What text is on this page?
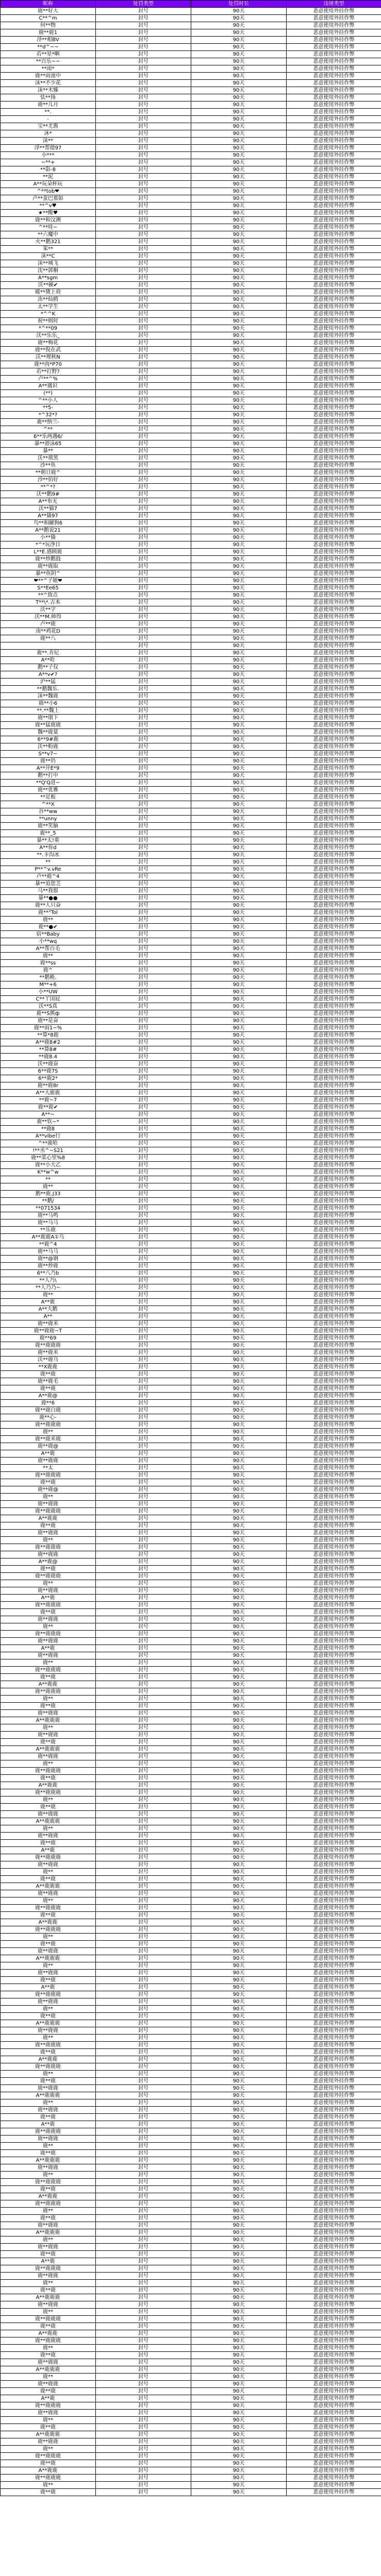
昵称	处罚类型	处罚时长	违规类型
鹿**好大	封号	90天	恶意使用外挂作弊
C**^m	封号	90天	恶意使用外挂作弊
何**物	封号	90天	恶意使用外挂作弊
鹿**鹿1	封号	90天	恶意使用外挂作弊
浮**相BV	封号	90天	恶意使用外挂作弊
**d^~~	封号	90天	恶意使用外挂作弊
若**星*啊	封号	90天	恶意使用外挂作弊
**百乐~~	封号	90天	恶意使用外挂作弊
**雨*	封号	90天	恶意使用外挂作弊
鹿**雨池中	封号	90天	恶意使用外挂作弊
沫**不少花	封号	90天	恶意使用外挂作弊
沫**木臻	封号	90天	恶意使用外挂作弊
怯**扬	封号	90天	恶意使用外挂作弊
鹿**儿月	封号	90天	恶意使用外挂作弊
**.	封号	90天	恶意使用外挂作弊
-	封号	90天	恶意使用外挂作弊
宝**尤酱	封号	90天	恶意使用外挂作弊
沐*	封号	90天	恶意使用外挂作弊
沫**	封号	90天	恶意使用外挂作弊
浮**帮德97	封号	90天	恶意使用外挂作弊
小***	封号	90天	恶意使用外挂作弊
~**+	封号	90天	恶意使用外挂作弊
**影-8	封号	90天	恶意使用外挂作弊
**泥	封号	90天	恶意使用外挂作弊
A**玩朵杯玩	封号	90天	恶意使用外挂作弊
^**tob❤	封号	90天	恶意使用外挂作弊
卢**蛮巴那如	封号	90天	恶意使用外挂作弊
**^v♥	封号	90天	恶意使用外挂作弊
★**酸♥	封号	90天	恶意使用外挂作弊
鹿**和汶溯	封号	90天	恶意使用外挂作弊
^**哇~	封号	90天	恶意使用外挂作弊
**六魔中	封号	90天	恶意使用外挂作弊
火**鹅321	封号	90天	恶意使用外挂作弊
笨**	封号	90天	恶意使用外挂作弊
沫**C	封号	90天	恶意使用外挂作弊
沫**城飞	封号	90天	恶意使用外挂作弊
沈**郭桐	封号	90天	恶意使用外挂作弊
A**sgm	封号	90天	恶意使用外挂作弊
沃**碗✔	封号	90天	恶意使用外挂作弊
暖**黛上荷	封号	90天	恶意使用外挂作弊
冻**仙鸥	封号	90天	恶意使用外挂作弊
太**学生	封号	90天	恶意使用外挂作弊
*^^K	封号	90天	恶意使用外挂作弊
祝**则时	封号	90天	恶意使用外挂作弊
*^**09	封号	90天	恶意使用外挂作弊
沃**乐乐_	封号	90天	恶意使用外挂作弊
鹿**梅花	封号	90天	恶意使用外挂作弊
鹿**倪在武	封号	90天	恶意使用外挂作弊
沃**理秋N	封号	90天	恶意使用外挂作弊
鹿**肉*P70	封号	90天	恶意使用外挂作弊
若**打野?	封号	90天	恶意使用外挂作弊
卢**^%	封号	90天	恶意使用外挂作弊
A**遇识	封号	90天	恶意使用外挂作弊
(**)	封号	90天	恶意使用外挂作弊
^**小人	封号	90天	恶意使用外挂作弊
**5-	封号	90天	恶意使用外挂作弊
*^32*?	封号	90天	恶意使用外挂作弊
鹿**纳兰-	封号	90天	恶意使用外挂作弊
^**	封号	90天	恶意使用外挂作弊
6**乐两遇6/	封号	90天	恶意使用外挂作弊
暴**游泳65	封号	90天	恶意使用外挂作弊
暴**	封号	90天	恶意使用外挂作弊
沃**琐黑	封号	90天	恶意使用外挂作弊
沙**鱼	封号	90天	恶意使用外挂作弊
**朝日鹿^	封号	90天	恶意使用外挂作弊
沙**伯好	封号	90天	恶意使用外挂作弊
**^*?	封号	90天	恶意使用外挂作弊
沃**鹅9#	封号	90天	恶意使用外挂作弊
A**布无	封号	90天	恶意使用外挂作弊
沃**猫7	封号	90天	恶意使用外挂作弊
A**猫97	封号	90天	恶意使用外挂作弊
鸟**和蹴狗6	封号	90天	恶意使用外挂作弊
A**鹅说21	封号	90天	恶意使用外挂作弊
小**猫	封号	90天	恶意使用外挂作弊
*^*玩净日	封号	90天	恶意使用外挂作弊
L**E.感顾鹿	封号	90天	恶意使用外挂作弊
鹿**炒鹅鼓	封号	90天	恶意使用外挂作弊
鹿**鹿取	封号	90天	恶意使用外挂作弊
暴**鱼阴^	封号	90天	恶意使用外挂作弊
❤**^子她❤	封号	90天	恶意使用外挂作弊
S**Ee65	封号	90天	恶意使用外挂作弊
**^致点	封号	90天	恶意使用外挂作弊
T**\*.吉本	封号	90天	恶意使用外挂作弊
沃**字	封号	90天	恶意使用外挂作弊
沃**M.帅得	封号	90天	恶意使用外挂作弊
卢**鹿	封号	90天	恶意使用外挂作弊
南**鸡花D	封号	90天	恶意使用外挂作弊
鹿**八	封号	90天	恶意使用外挂作弊
	封号	90天	恶意使用外挂作弊
鹿**.肯尼	封号	90天	恶意使用外挂作弊
A**哈	封号	90天	恶意使用外挂作弊
鹅**子仅	封号	90天	恶意使用外挂作弊
A**v✔?	封号	90天	恶意使用外挂作弊
沪**猛	封号	90天	恶意使用外挂作弊
**鹅魏乐.	封号	90天	恶意使用外挂作弊
沫**魏鹿	封号	90天	恶意使用外挂作弊
鹿**小6	封号	90天	恶意使用外挂作弊
**.**魏上	封号	90天	恶意使用外挂作弊
鹿**朋下	封号	90天	恶意使用外挂作弊
鹿**猛鹿鹿	封号	90天	恶意使用外挂作弊
魏**鹿量	封号	90天	恶意使用外挂作弊
6**9#鹿	封号	90天	恶意使用外挂作弊
沃**粉鹿	封号	90天	恶意使用外挂作弊
S**v7~	封号	90天	恶意使用外挂作弊
鹿**仍	封号	90天	恶意使用外挂作弊
A**开E*9	封号	90天	恶意使用外挂作弊
鹅**打中	封号	90天	恶意使用外挂作弊
**Q'Q进~	封号	90天	恶意使用外挂作弊
鹿**优雅	封号	90天	恶意使用外挂作弊
**足板	封号	90天	恶意使用外挂作弊
^**X	封号	90天	恶意使用外挂作弊
谷**ww	封号	90天	恶意使用外挂作弊
**unny	封号	90天	恶意使用外挂作弊
鹿**笑脑	封号	90天	恶意使用外挂作弊
鹿**_5	封号	90天	恶意使用外挂作弊
暴**太!重	封号	90天	恶意使用外挂作弊
A**你d	封号	90天	恶意使用外挂作弊
**.卡沟冰	封号	90天	恶意使用外挂作弊
**	封号	90天	恶意使用外挂作弊
P**^v.vRe	封号	90天	恶意使用外挂作弊
卢**鹿^4	封号	90天	恶意使用外挂作弊
暴**追您芝	封号	90天	恶意使用外挂作弊
马**我鬃	封号	90天	恶意使用外挂作弊
暴**●●	封号	90天	恶意使用外挂作弊
鹿**人只奋	封号	90天	恶意使用外挂作弊
鹿**"Tol	封号	90天	恶意使用外挂作弊
鹿**	封号	90天	恶意使用外挂作弊
鹿**●✔	封号	90天	恶意使用外挂作弊
宿**Baby	封号	90天	恶意使用外挂作弊
小**wq	封号	90天	恶意使用外挂作弊
A**帮百毛	封号	90天	恶意使用外挂作弊
鹿**	封号	90天	恶意使用外挂作弊
鹿**ss	封号	90天	恶意使用外挂作弊
鹿^	封号	90天	恶意使用外挂作弊
**鹅桅.	封号	90天	恶意使用外挂作弊
M**+6	封号	90天	恶意使用外挂作弊
小**UW	封号	90天	恶意使用外挂作弊
C**丫国屁	封号	90天	恶意使用外挂作弊
沃**S真	封号	90天	恶意使用外挂作弊
鹿**S熊ф	封号	90天	恶意使用外挂作弊
鹿**是奋	封号	90天	恶意使用外挂作弊
鹿**雨1~%	封号	90天	恶意使用外挂作弊
**算*8鹿	封号	90天	恶意使用外挂作弊
A**鹿8#2	封号	90天	恶意使用外挂作弊
**算8#	封号	90天	恶意使用外挂作弊
**鹿8.4	封号	90天	恶意使用外挂作弊
沃**鹿奋	封号	90天	恶意使用外挂作弊
6**鹿7S	封号	90天	恶意使用外挂作弊
6**鹿2*	封号	90天	恶意使用外挂作弊
鹿**鹿8r	封号	90天	恶意使用外挂作弊
A**大鹿鹿	封号	90天	恶意使用外挂作弊
**鹿~7	封号	90天	恶意使用外挂作弊
鹿**鹿✔	封号	90天	恶意使用外挂作弊
A**~	封号	90天	恶意使用外挂作弊
鹿**钦~*	封号	90天	恶意使用外挂作弊
**鹿8	封号	90天	恶意使用外挂作弊
A**vIbe行	封号	90天	恶意使用外挂作弊
^**鹿哈	封号	90天	恶意使用外挂作弊
!**丞^~S21	封号	90天	恶意使用外挂作弊
鹿**菜心里%8	封号	90天	恶意使用外挂作弊
鹿**小大乙	封号	90天	恶意使用外挂作弊
K**w^w	封号	90天	恶意使用外挂作弊
**	封号	90天	恶意使用外挂作弊
鹿**	封号	90天	恶意使用外挂作弊
鹅**鹿.J33	封号	90天	恶意使用外挂作弊
**鹅/	封号	90天	恶意使用外挂作弊
**071534	封号	90天	恶意使用外挂作弊
鹿**马鸣	封号	90天	恶意使用外挂作弊
鹿**马马	封号	90天	恶意使用外挂作弊
**乐鹿	封号	90天	恶意使用外挂作弊
A**鹿鹿A①乌	封号	90天	恶意使用外挂作弊
**鹿^4	封号	90天	恶意使用外挂作弊
鹿**马马	封号	90天	恶意使用外挂作弊
鹿**@钢	封号	90天	恶意使用外挂作弊
鹿**炒鹿	封号	90天	恶意使用外挂作弊
6**八乃b	封号	90天	恶意使用外挂作弊
**人乃\	封号	90天	恶意使用外挂作弊
**人乃乃~	封号	90天	恶意使用外挂作弊
鹿**	封号	90天	恶意使用外挂作弊
A**鹿	封号	90天	恶意使用外挂作弊
A**大鹅	封号	90天	恶意使用外挂作弊
A**	封号	90天	恶意使用外挂作弊
鹿**鹿米	封号	90天	恶意使用外挂作弊
鹿**鹿鹿~T	封号	90天	恶意使用外挂作弊
鹿**69	封号	90天	恶意使用外挂作弊
鹿**鹿鹿鹿	封号	90天	恶意使用外挂作弊
鹿**鹿米	封号	90天	恶意使用外挂作弊
沃**鹿乌	封号	90天	恶意使用外挂作弊
**X鹿鹿	封号	90天	恶意使用外挂作弊
鹿**鹿	封号	90天	恶意使用外挂作弊
鹿**鹿毛	封号	90天	恶意使用外挂作弊
鹿**鹿	封号	90天	恶意使用外挂作弊
A**鹿@	封号	90天	恶意使用外挂作弊
鹿**6	封号	90天	恶意使用外挂作弊
鹿**鹿白鹿	封号	90天	恶意使用外挂作弊
鹿**心-	封号	90天	恶意使用外挂作弊
鹿**鹿鹿鹿	封号	90天	恶意使用外挂作弊
鹿**	封号	90天	恶意使用外挂作弊
鹿**鹿米鹿	封号	90天	恶意使用外挂作弊
鹿**鹿@	封号	90天	恶意使用外挂作弊
A**鹿	封号	90天	恶意使用外挂作弊
鹿**鹿鹿	封号	90天	恶意使用外挂作弊
**太	封号	90天	恶意使用外挂作弊
鹿**鹿鹿鹿	封号	90天	恶意使用外挂作弊
鹿**鹿	封号	90天	恶意使用外挂作弊
鹿**鹿@	封号	90天	恶意使用外挂作弊
鹿**	封号	90天	恶意使用外挂作弊
鹿**鹿鹿	封号	90天	恶意使用外挂作弊
鹿**鹿鹿鹿	封号	90天	恶意使用外挂作弊
A**鹿鹿	封号	90天	恶意使用外挂作弊
鹿**鹿	封号	90天	恶意使用外挂作弊
鹿**鹿鹿	封号	90天	恶意使用外挂作弊
鹿**	封号	90天	恶意使用外挂作弊
鹿**鹿鹿鹿	封号	90天	恶意使用外挂作弊
鹿**鹿鹿	封号	90天	恶意使用外挂作弊
A**鹿@	封号	90天	恶意使用外挂作弊
鹿**鹿	封号	90天	恶意使用外挂作弊
鹿**鹿鹿鹿	封号	90天	恶意使用外挂作弊
鹿**	封号	90天	恶意使用外挂作弊
鹿**鹿鹿	封号	90天	恶意使用外挂作弊
A**鹿	封号	90天	恶意使用外挂作弊
鹿**鹿鹿鹿	封号	90天	恶意使用外挂作弊
鹿**鹿	封号	90天	恶意使用外挂作弊
鹿**鹿鹿	封号	90天	恶意使用外挂作弊
鹿**	封号	90天	恶意使用外挂作弊
鹿**鹿鹿鹿	封号	90天	恶意使用外挂作弊
鹿**鹿鹿	封号	90天	恶意使用外挂作弊
A**鹿	封号	90天	恶意使用外挂作弊
鹿**鹿鹿	封号	90天	恶意使用外挂作弊
鹿**	封号	90天	恶意使用外挂作弊
鹿**鹿鹿鹿	封号	90天	恶意使用外挂作弊
鹿**鹿	封号	90天	恶意使用外挂作弊
A**鹿鹿	封号	90天	恶意使用外挂作弊
鹿**鹿鹿鹿	封号	90天	恶意使用外挂作弊
鹿**	封号	90天	恶意使用外挂作弊
鹿**鹿	封号	90天	恶意使用外挂作弊
鹿**鹿鹿	封号	90天	恶意使用外挂作弊
A**鹿鹿鹿	封号	90天	恶意使用外挂作弊
鹿**	封号	90天	恶意使用外挂作弊
鹿**鹿鹿	封号	90天	恶意使用外挂作弊
鹿**鹿	封号	90天	恶意使用外挂作弊
A**鹿鹿鹿	封号	90天	恶意使用外挂作弊
鹿**鹿鹿	封号	90天	恶意使用外挂作弊
鹿**	封号	90天	恶意使用外挂作弊
鹿**鹿鹿鹿	封号	90天	恶意使用外挂作弊
鹿**鹿	封号	90天	恶意使用外挂作弊
A**鹿鹿	封号	90天	恶意使用外挂作弊
鹿**鹿鹿鹿	封号	90天	恶意使用外挂作弊
鹿**	封号	90天	恶意使用外挂作弊
鹿**鹿	封号	90天	恶意使用外挂作弊
鹿**鹿鹿	封号	90天	恶意使用外挂作弊
A**鹿鹿鹿	封号	90天	恶意使用外挂作弊
鹿**	封号	90天	恶意使用外挂作弊
鹿**鹿鹿	封号	90天	恶意使用外挂作弊
鹿**鹿	封号	90天	恶意使用外挂作弊
A**鹿	封号	90天	恶意使用外挂作弊
鹿**鹿鹿鹿	封号	90天	恶意使用外挂作弊
鹿**鹿鹿	封号	90天	恶意使用外挂作弊
鹿**	封号	90天	恶意使用外挂作弊
鹿**鹿	封号	90天	恶意使用外挂作弊
A**鹿鹿鹿	封号	90天	恶意使用外挂作弊
鹿**鹿鹿	封号	90天	恶意使用外挂作弊
鹿**	封号	90天	恶意使用外挂作弊
鹿**鹿鹿鹿	封号	90天	恶意使用外挂作弊
鹿**鹿	封号	90天	恶意使用外挂作弊
A**鹿鹿	封号	90天	恶意使用外挂作弊
鹿**鹿鹿鹿	封号	90天	恶意使用外挂作弊
鹿**	封号	90天	恶意使用外挂作弊
鹿**鹿	封号	90天	恶意使用外挂作弊
鹿**鹿鹿	封号	90天	恶意使用外挂作弊
A**鹿鹿鹿	封号	90天	恶意使用外挂作弊
鹿**	封号	90天	恶意使用外挂作弊
鹿**鹿鹿	封号	90天	恶意使用外挂作弊
鹿**鹿	封号	90天	恶意使用外挂作弊
A**鹿	封号	90天	恶意使用外挂作弊
鹿**鹿鹿鹿	封号	90天	恶意使用外挂作弊
鹿**鹿鹿	封号	90天	恶意使用外挂作弊
鹿**	封号	90天	恶意使用外挂作弊
鹿**鹿	封号	90天	恶意使用外挂作弊
A**鹿鹿鹿	封号	90天	恶意使用外挂作弊
鹿**鹿鹿	封号	90天	恶意使用外挂作弊
鹿**	封号	90天	恶意使用外挂作弊
鹿**鹿鹿鹿	封号	90天	恶意使用外挂作弊
鹿**鹿	封号	90天	恶意使用外挂作弊
A**鹿鹿	封号	90天	恶意使用外挂作弊
鹿**鹿鹿鹿	封号	90天	恶意使用外挂作弊
鹿**	封号	90天	恶意使用外挂作弊
鹿**鹿	封号	90天	恶意使用外挂作弊
鹿**鹿鹿	封号	90天	恶意使用外挂作弊
A**鹿鹿鹿	封号	90天	恶意使用外挂作弊
鹿**	封号	90天	恶意使用外挂作弊
鹿**鹿鹿	封号	90天	恶意使用外挂作弊
鹿**鹿	封号	90天	恶意使用外挂作弊
A**鹿	封号	90天	恶意使用外挂作弊
鹿**鹿鹿鹿	封号	90天	恶意使用外挂作弊
鹿**鹿鹿	封号	90天	恶意使用外挂作弊
鹿**	封号	90天	恶意使用外挂作弊
鹿**鹿	封号	90天	恶意使用外挂作弊
A**鹿鹿鹿	封号	90天	恶意使用外挂作弊
鹿**鹿鹿	封号	90天	恶意使用外挂作弊
鹿**	封号	90天	恶意使用外挂作弊
鹿**鹿鹿鹿	封号	90天	恶意使用外挂作弊
鹿**鹿	封号	90天	恶意使用外挂作弊
A**鹿鹿	封号	90天	恶意使用外挂作弊
鹿**鹿鹿鹿	封号	90天	恶意使用外挂作弊
鹿**	封号	90天	恶意使用外挂作弊
鹿**鹿	封号	90天	恶意使用外挂作弊
鹿**鹿鹿	封号	90天	恶意使用外挂作弊
A**鹿鹿鹿	封号	90天	恶意使用外挂作弊
鹿**	封号	90天	恶意使用外挂作弊
鹿**鹿鹿	封号	90天	恶意使用外挂作弊
鹿**鹿	封号	90天	恶意使用外挂作弊
A**鹿	封号	90天	恶意使用外挂作弊
鹿**鹿鹿鹿	封号	90天	恶意使用外挂作弊
鹿**鹿鹿	封号	90天	恶意使用外挂作弊
鹿**	封号	90天	恶意使用外挂作弊
鹿**鹿	封号	90天	恶意使用外挂作弊
A**鹿鹿鹿	封号	90天	恶意使用外挂作弊
鹿**鹿鹿	封号	90天	恶意使用外挂作弊
鹿**	封号	90天	恶意使用外挂作弊
鹿**鹿鹿鹿	封号	90天	恶意使用外挂作弊
鹿**鹿	封号	90天	恶意使用外挂作弊
A**鹿鹿	封号	90天	恶意使用外挂作弊
鹿**鹿鹿鹿	封号	90天	恶意使用外挂作弊
鹿**	封号	90天	恶意使用外挂作弊
鹿**鹿	封号	90天	恶意使用外挂作弊
鹿**鹿鹿	封号	90天	恶意使用外挂作弊
A**鹿鹿鹿	封号	90天	恶意使用外挂作弊
鹿**	封号	90天	恶意使用外挂作弊
鹿**鹿鹿	封号	90天	恶意使用外挂作弊
鹿**鹿	封号	90天	恶意使用外挂作弊
A**鹿	封号	90天	恶意使用外挂作弊
鹿**鹿鹿鹿	封号	90天	恶意使用外挂作弊
鹿**鹿鹿	封号	90天	恶意使用外挂作弊
鹿**	封号	90天	恶意使用外挂作弊
鹿**鹿	封号	90天	恶意使用外挂作弊
A**鹿鹿鹿	封号	90天	恶意使用外挂作弊
鹿**鹿鹿	封号	90天	恶意使用外挂作弊
鹿**	封号	90天	恶意使用外挂作弊
鹿**鹿鹿鹿	封号	90天	恶意使用外挂作弊
鹿**鹿	封号	90天	恶意使用外挂作弊
A**鹿鹿	封号	90天	恶意使用外挂作弊
鹿**鹿鹿鹿	封号	90天	恶意使用外挂作弊
鹿**	封号	90天	恶意使用外挂作弊
鹿**鹿	封号	90天	恶意使用外挂作弊
